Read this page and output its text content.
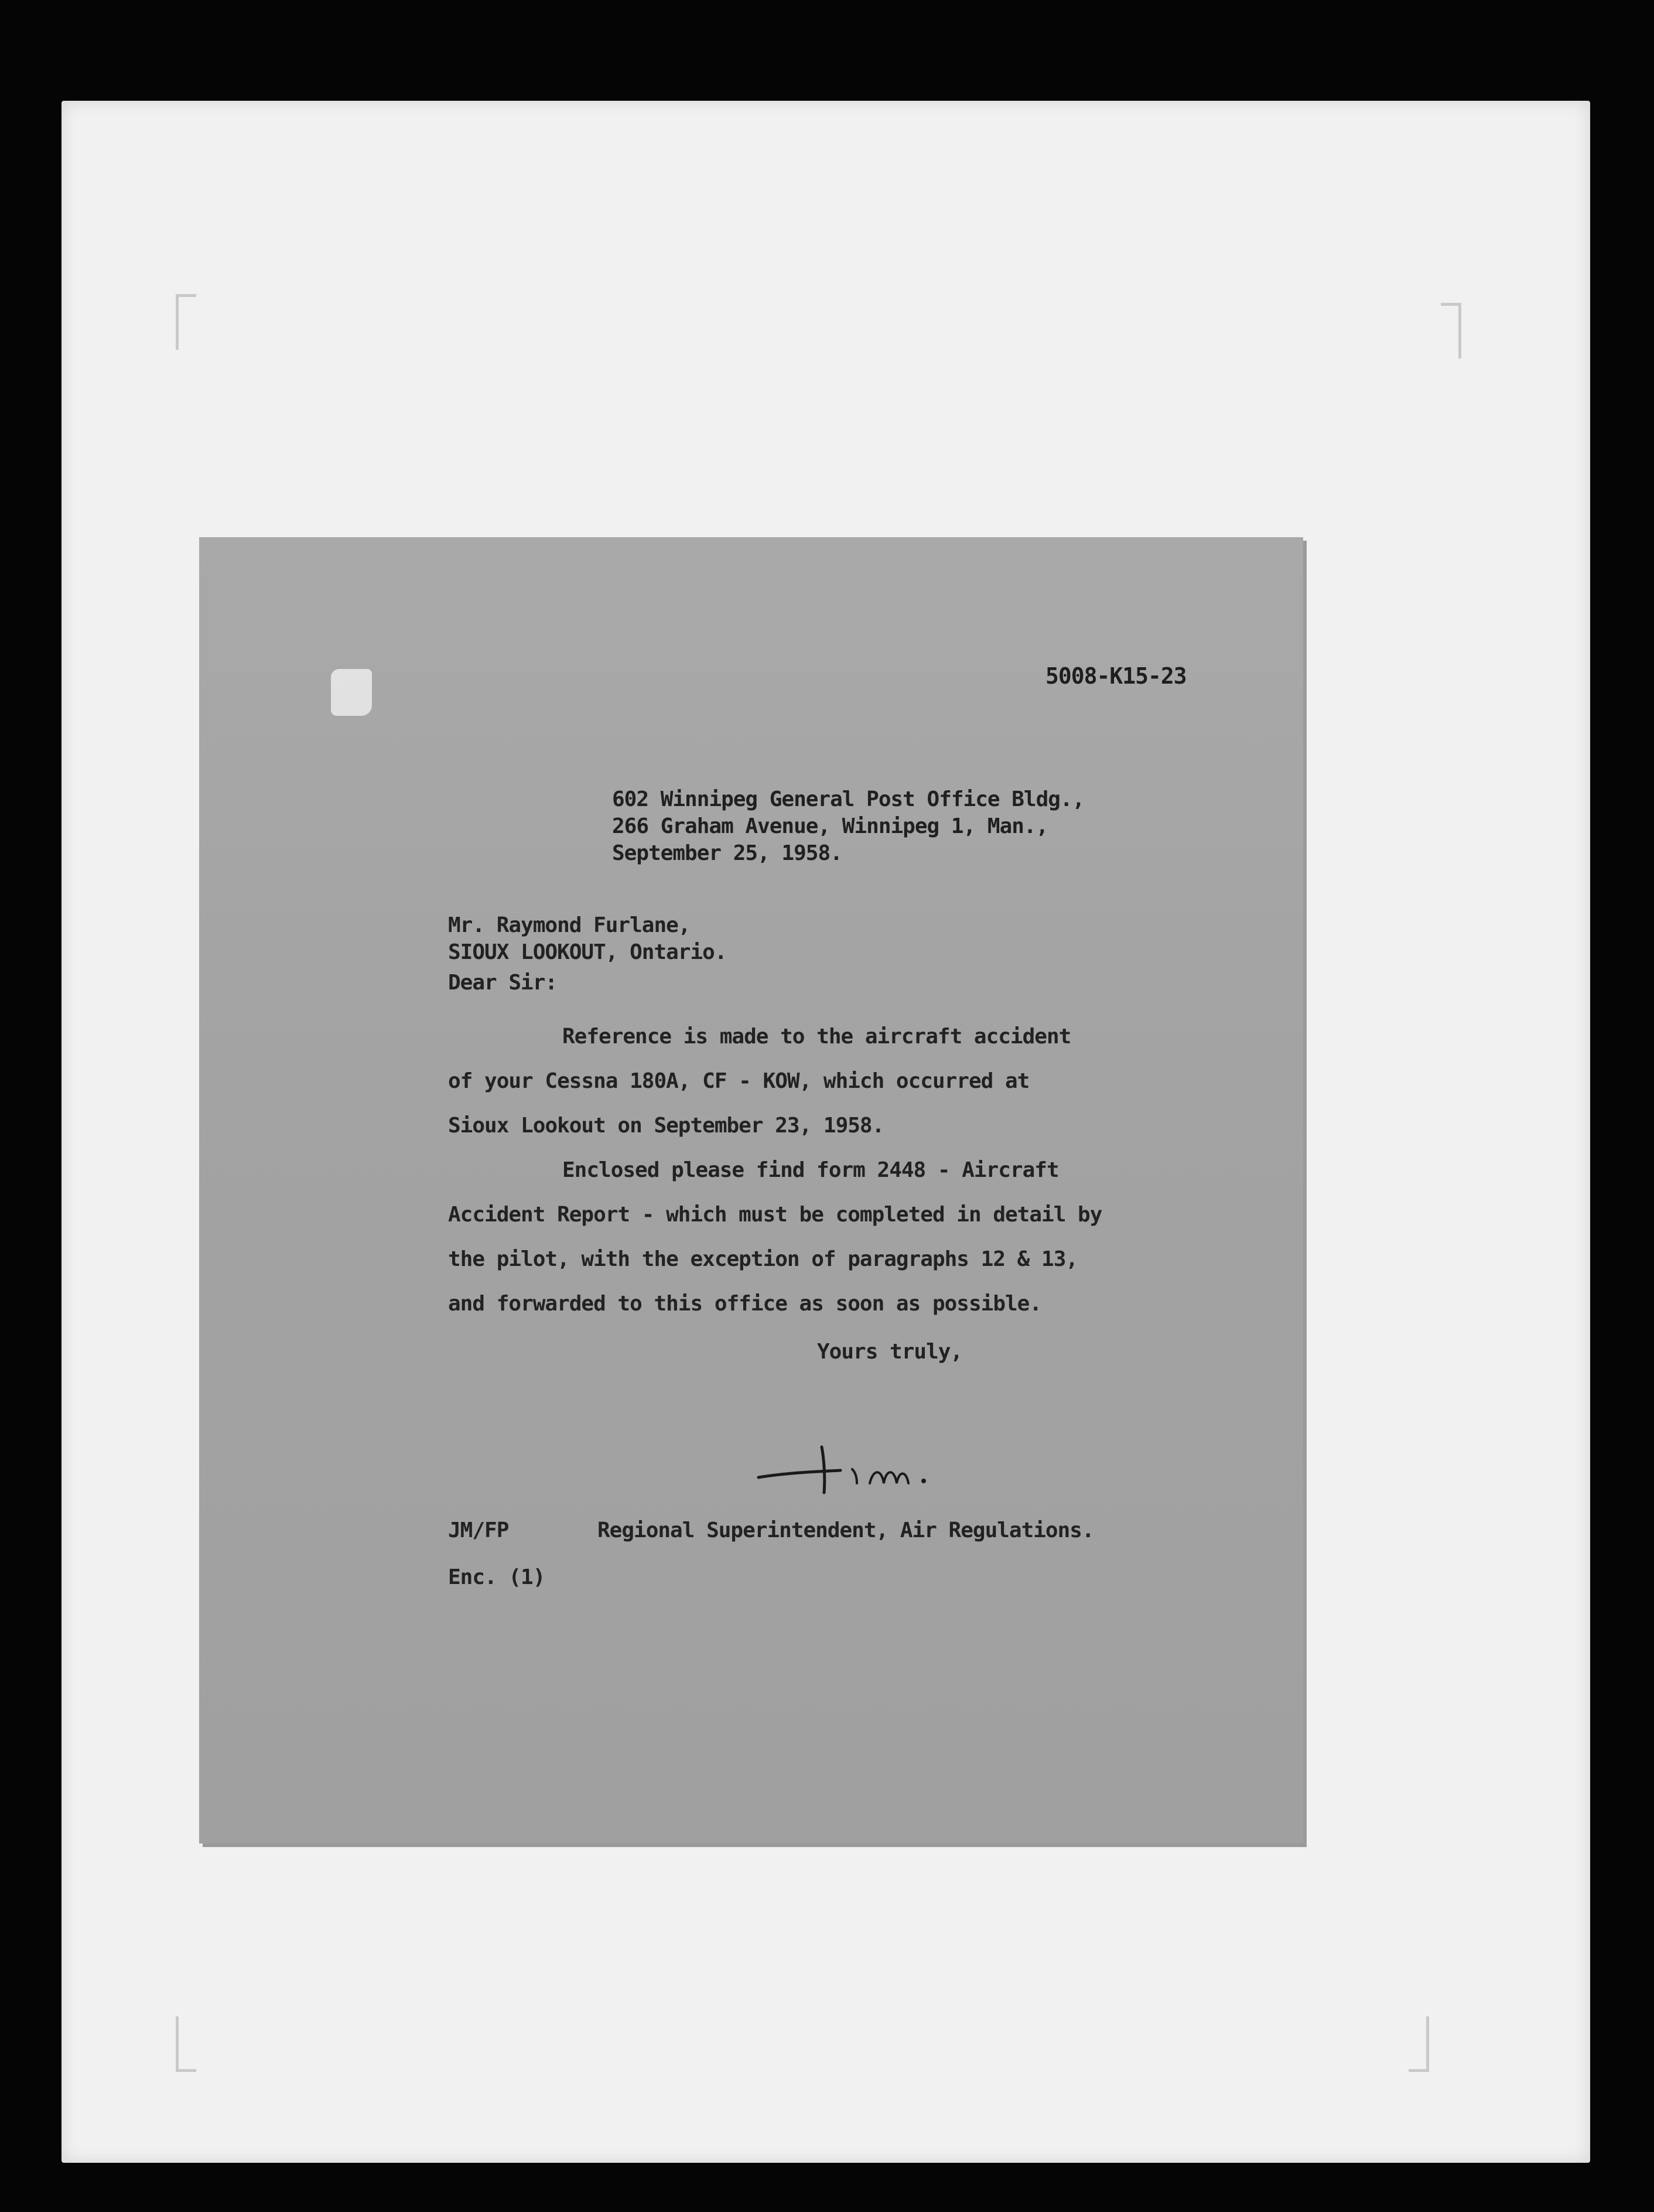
5008-K15-23
602 Winnipeg General Post Office Bldg.,
266 Graham Avenue, Winnipeg 1, Man.,
September 25, 1958.
Mr. Raymond Furlane,
SIOUX LOOKOUT, Ontario.
Dear Sir:
Reference is made to the aircraft accident
of your Cessna 180A, CF - KOW, which occurred at
Sioux Lookout on September 23, 1958.
Enclosed please find form 2448 - Aircraft
Accident Report - which must be completed in detail by
the pilot, with the exception of paragraphs 12 & 13,
and forwarded to this office as soon as possible.
Yours truly,
JM/FP	Regional Superintendent, Air Regulations.
Enc. (1)
